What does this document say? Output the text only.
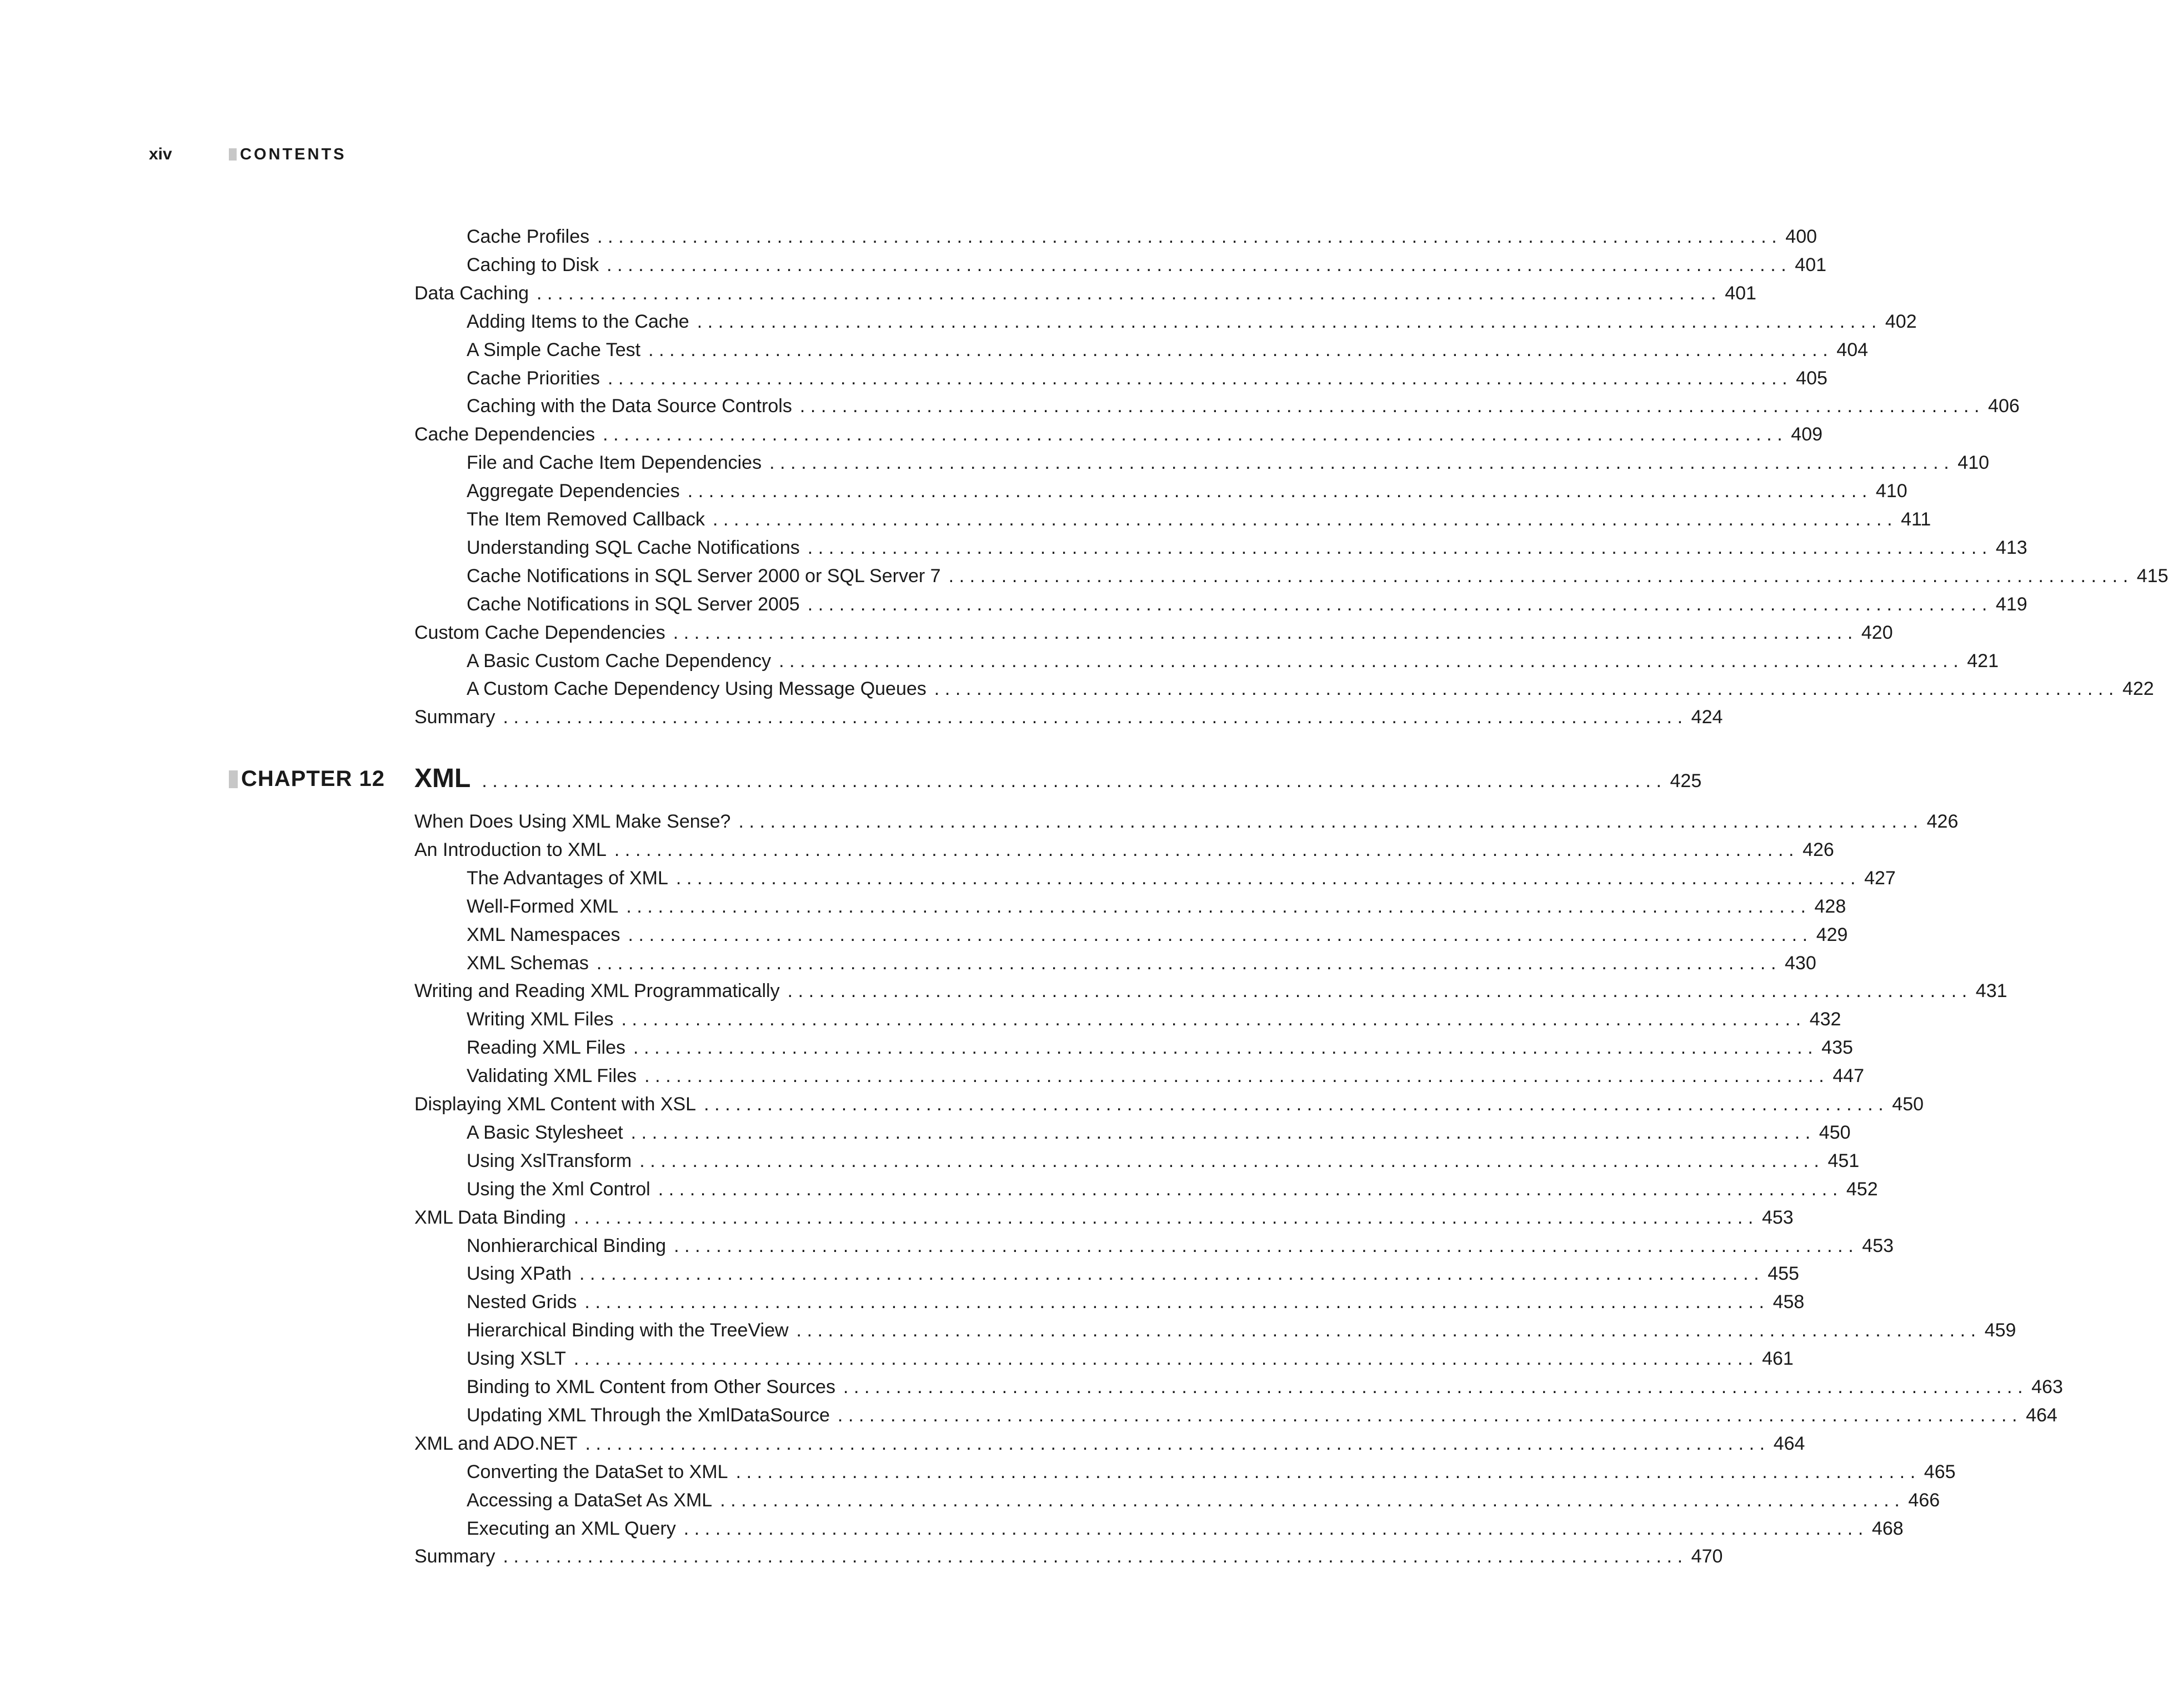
xiv	CONTENTS
Cache Profiles ................................................................................................................ 400
Caching to Disk ................................................................................................................ 401
Data Caching ................................................................................................................ 401
Adding Items to the Cache ................................................................................................................ 402
A Simple Cache Test ................................................................................................................ 404
Cache Priorities ................................................................................................................ 405
Caching with the Data Source Controls ................................................................................................................ 406
Cache Dependencies ................................................................................................................ 409
File and Cache Item Dependencies ................................................................................................................ 410
Aggregate Dependencies ................................................................................................................ 410
The Item Removed Callback ................................................................................................................ 411
Understanding SQL Cache Notifications ................................................................................................................ 413
Cache Notifications in SQL Server 2000 or SQL Server 7 ................................................................................................................ 415
Cache Notifications in SQL Server 2005 ................................................................................................................ 419
Custom Cache Dependencies ................................................................................................................ 420
A Basic Custom Cache Dependency ................................................................................................................ 421
A Custom Cache Dependency Using Message Queues ................................................................................................................ 422
Summary ................................................................................................................ 424
CHAPTER 12 XML ................................................................................................................ 425
When Does Using XML Make Sense? ................................................................................................................ 426
An Introduction to XML ................................................................................................................ 426
The Advantages of XML ................................................................................................................ 427
Well-Formed XML ................................................................................................................ 428
XML Namespaces ................................................................................................................ 429
XML Schemas ................................................................................................................ 430
Writing and Reading XML Programmatically ................................................................................................................ 431
Writing XML Files ................................................................................................................ 432
Reading XML Files ................................................................................................................ 435
Validating XML Files ................................................................................................................ 447
Displaying XML Content with XSL ................................................................................................................ 450
A Basic Stylesheet ................................................................................................................ 450
Using XslTransform ................................................................................................................ 451
Using the Xml Control ................................................................................................................ 452
XML Data Binding ................................................................................................................ 453
Nonhierarchical Binding ................................................................................................................ 453
Using XPath ................................................................................................................ 455
Nested Grids ................................................................................................................ 458
Hierarchical Binding with the TreeView ................................................................................................................ 459
Using XSLT ................................................................................................................ 461
Binding to XML Content from Other Sources ................................................................................................................ 463
Updating XML Through the XmlDataSource ................................................................................................................ 464
XML and ADO.NET ................................................................................................................ 464
Converting the DataSet to XML ................................................................................................................ 465
Accessing a DataSet As XML ................................................................................................................ 466
Executing an XML Query ................................................................................................................ 468
Summary ................................................................................................................ 470
